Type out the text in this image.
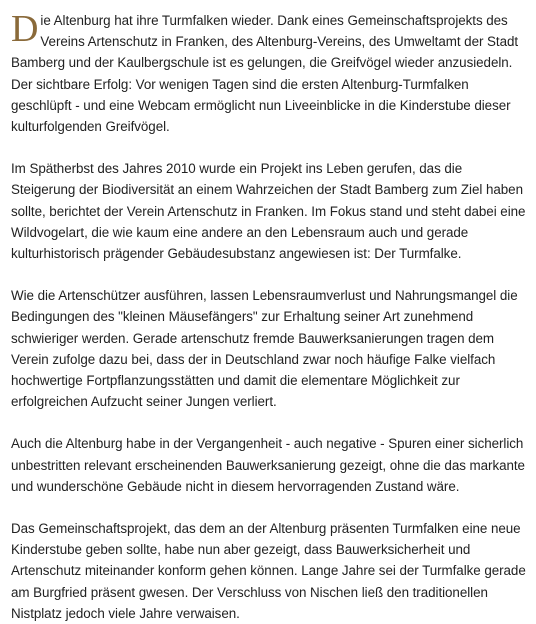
Die Altenburg hat ihre Turmfalken wieder. Dank eines Gemeinschaftsprojekts des Vereins Artenschutz in Franken, des Altenburg-Vereins, des Umweltamt der Stadt Bamberg und der Kaulbergschule ist es gelungen, die Greifvögel wieder anzusiedeln. Der sichtbare Erfolg: Vor wenigen Tagen sind die ersten Altenburg-Turmfalken geschlüpft - und eine Webcam ermöglicht nun Liveeinblicke in die Kinderstube dieser kulturfolgenden Greifvögel.

Im Spätherbst des Jahres 2010 wurde ein Projekt ins Leben gerufen, das die Steigerung der Biodiversität an einem Wahrzeichen der Stadt Bamberg zum Ziel haben sollte, berichtet der Verein Artenschutz in Franken. Im Fokus stand und steht dabei eine Wildvogelart, die wie kaum eine andere an den Lebensraum auch und gerade kulturhistorisch prägender Gebäudesubstanz angewiesen ist: Der Turmfalke.

Wie die Artenschützer ausführen, lassen Lebensraumverlust und Nahrungsmangel die Bedingungen des "kleinen Mäusefängers" zur Erhaltung seiner Art zunehmend schwieriger werden. Gerade artenschutz fremde Bauwerksanierungen tragen dem Verein zufolge dazu bei, dass der in Deutschland zwar noch häufige Falke vielfach hochwertige Fortpflanzungsstätten und damit die elementare Möglichkeit zur erfolgreichen Aufzucht seiner Jungen verliert.

Auch die Altenburg habe in der Vergangenheit - auch negative - Spuren einer sicherlich unbestritten relevant erscheinenden Bauwerksanierung gezeigt, ohne die das markante und wunderschöne Gebäude nicht in diesem hervorragenden Zustand wäre.

Das Gemeinschaftsprojekt, das dem an der Altenburg präsenten Turmfalken eine neue Kinderstube geben sollte, habe nun aber gezeigt, dass Bauwerksicherheit und Artenschutz miteinander konform gehen können. Lange Jahre sei der Turmfalke gerade am Burgfried präsent gwesen. Der Verschluss von Nischen ließ den traditionellen Nistplatz jedoch viele Jahre verwaisen.
